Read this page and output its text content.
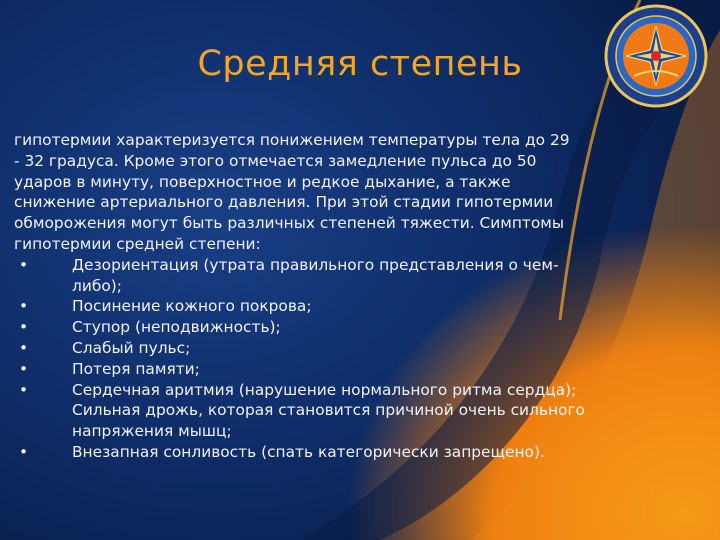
Средняя степень

гипотермии характеризуется понижением температуры тела до 29
- 32 градуса. Кроме этого отмечается замедление пульса до 50
ударов в минуту, поверхностное и редкое дыхание, а также
снижение артериального давления. При этой стадии гипотермии
обморожения могут быть различных степеней тяжести. Симптомы
гипотермии средней степени:

•	Дезориентация (утрата правильного представления о чем-
либо);
•	Посинение кожного покрова;
•	Ступор (неподвижность);
•	Слабый пульс;
•	Потеря памяти;
•	Сердечная аритмия (нарушение нормального ритма сердца);
Сильная дрожь, которая становится причиной очень сильного
напряжения мышц;
•	Внезапная сонливость (спать категорически запрещено).
